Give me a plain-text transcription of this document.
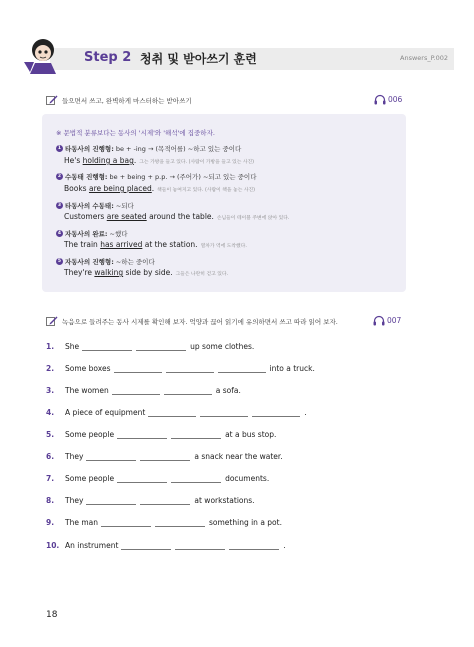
Step 2 청취 및 받아쓰기 훈련	Answers_P.002
들으면서 쓰고, 완벽하게 마스터하는 받아쓰기	006
※ 문법적 분류보다는 동사의 '시제'와 '해석'에 집중하자.
1 타동사의 진행형: be + -ing → (목적어를) ~하고 있는 중이다
He's holding a bag. 그는 가방을 들고 있다. (사람이 가방을 들고 있는 사진)
2 수동태 진행형: be + being + p.p. → (주어가) ~되고 있는 중이다
Books are being placed. 책들이 놓여지고 있다. (사람이 책을 놓는 사진)
3 타동사의 수동태: ~되다
Customers are seated around the table. 손님들이 테이블 주변에 앉아 있다.
4 자동사의 완료: ~했다
The train has arrived at the station. 열차가 역에 도착했다.
5 자동사의 진행형: ~하는 중이다
They're walking side by side. 그들은 나란히 걷고 있다.
녹음으로 들려주는 동사 시제를 확인해 보자. 억양과 끊어 읽기에 유의하면서 쓰고 따라 읽어 보자.	007
1.	She	up some clothes.
2.	Some boxes	into a truck.
3.	The women	a sofa.
4.	A piece of equipment	.
5.	Some people	at a bus stop.
6.	They	a snack near the water.
7.	Some people	documents.
8.	They	at workstations.
9.	The man	something in a pot.
10. An instrument	.
18
